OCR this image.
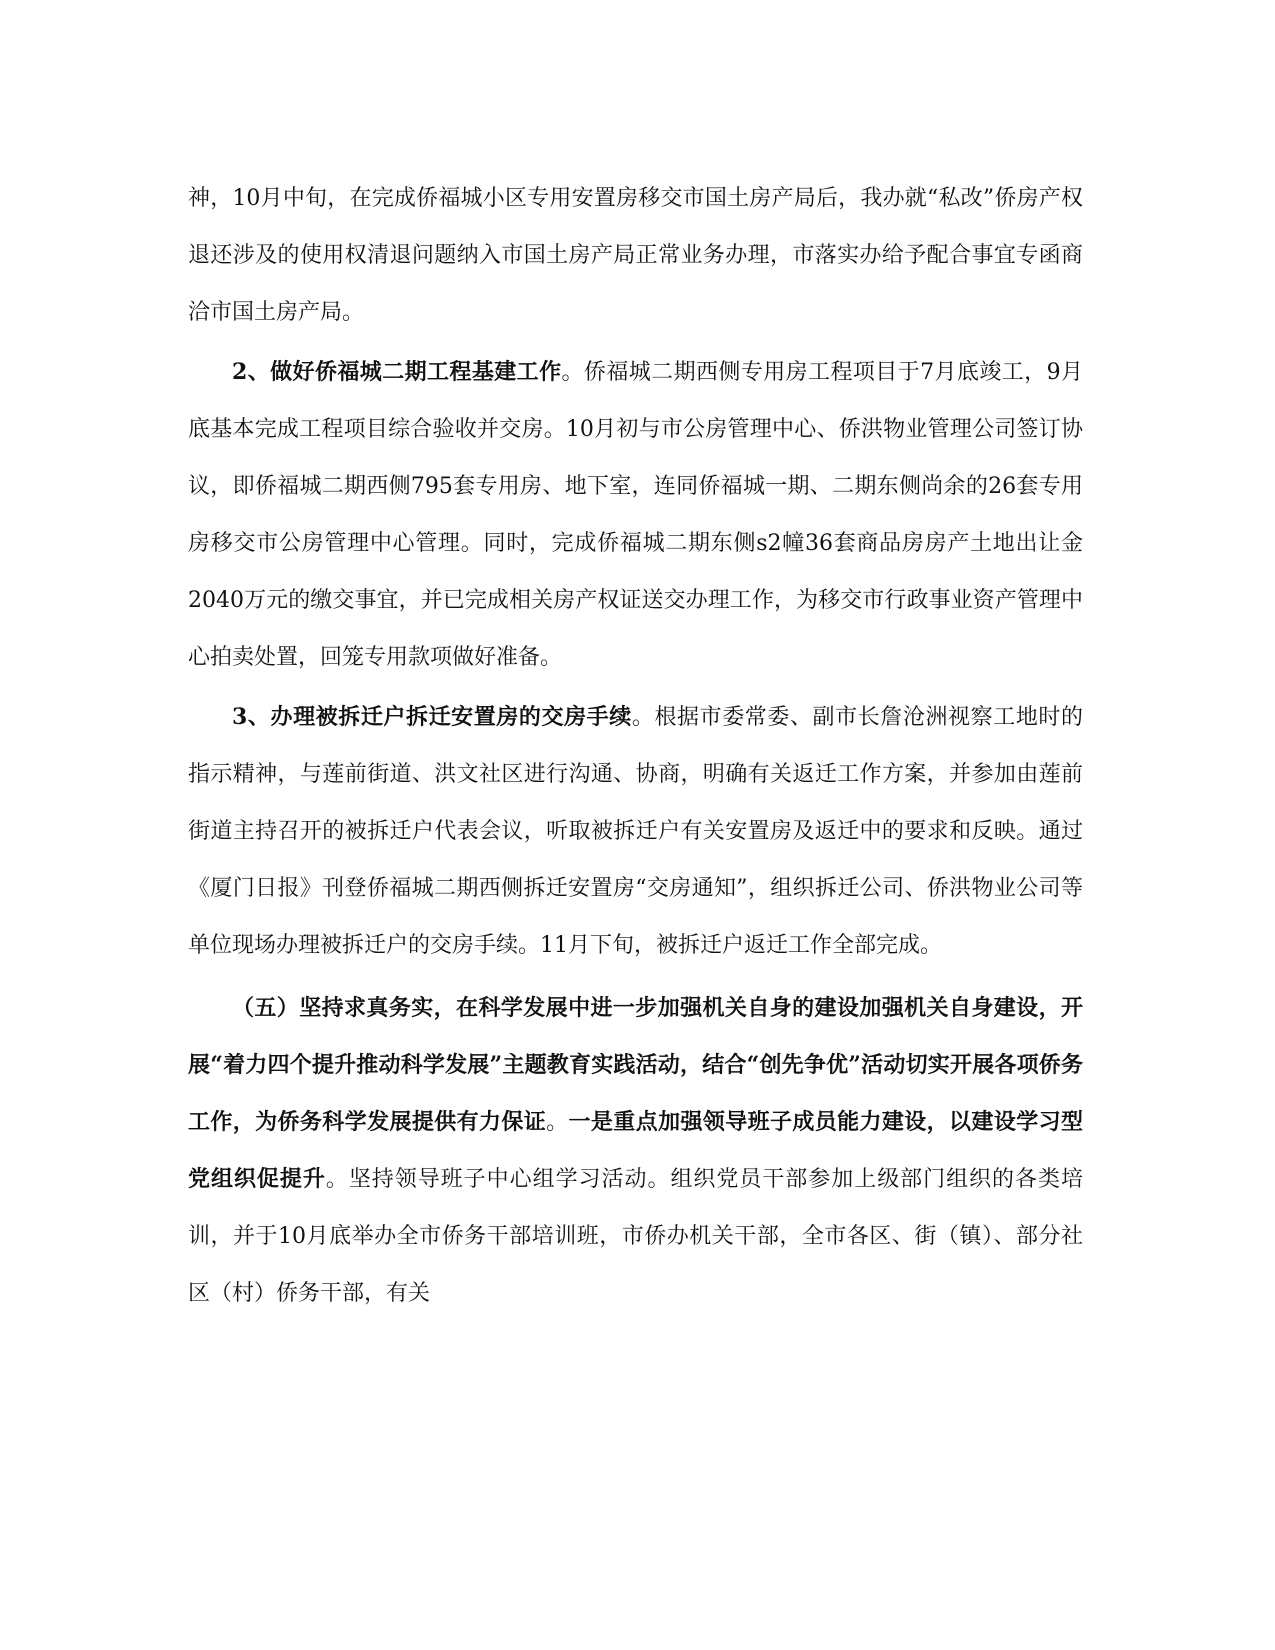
神，10月中旬，在完成侨福城小区专用安置房移交市国土房产局后，我办就“私改”侨房产权退还涉及的使用权清退问题纳入市国土房产局正常业务办理，市落实办给予配合事宜专函商洽市国土房产局。

2、做好侨福城二期工程基建工作。侨福城二期西侧专用房工程项目于7月底竣工，9月底基本完成工程项目综合验收并交房。10月初与市公房管理中心、侨洪物业管理公司签订协议，即侨福城二期西侧795套专用房、地下室，连同侨福城一期、二期东侧尚余的26套专用房移交市公房管理中心管理。同时，完成侨福城二期东侧s2幢36套商品房房产土地出让金2040万元的缴交事宜，并已完成相关房产权证送交办理工作，为移交市行政事业资产管理中心拍卖处置，回笼专用款项做好准备。

3、办理被拆迁户拆迁安置房的交房手续。根据市委常委、副市长詹沧洲视察工地时的指示精神，与莲前街道、洪文社区进行沟通、协商，明确有关返迁工作方案，并参加由莲前街道主持召开的被拆迁户代表会议，听取被拆迁户有关安置房及返迁中的要求和反映。通过《厦门日报》刊登侨福城二期西侧拆迁安置房“交房通知”，组织拆迁公司、侨洪物业公司等单位现场办理被拆迁户的交房手续。11月下旬，被拆迁户返迁工作全部完成。

（五）坚持求真务实，在科学发展中进一步加强机关自身的建设加强机关自身建设，开展“着力四个提升推动科学发展”主题教育实践活动，结合“创先争优”活动切实开展各项侨务工作，为侨务科学发展提供有力保证。一是重点加强领导班子成员能力建设，以建设学习型党组织促提升。坚持领导班子中心组学习活动。组织党员干部参加上级部门组织的各类培训，并于10月底举办全市侨务干部培训班，市侨办机关干部，全市各区、街（镇）、部分社区（村）侨务干部，有关
